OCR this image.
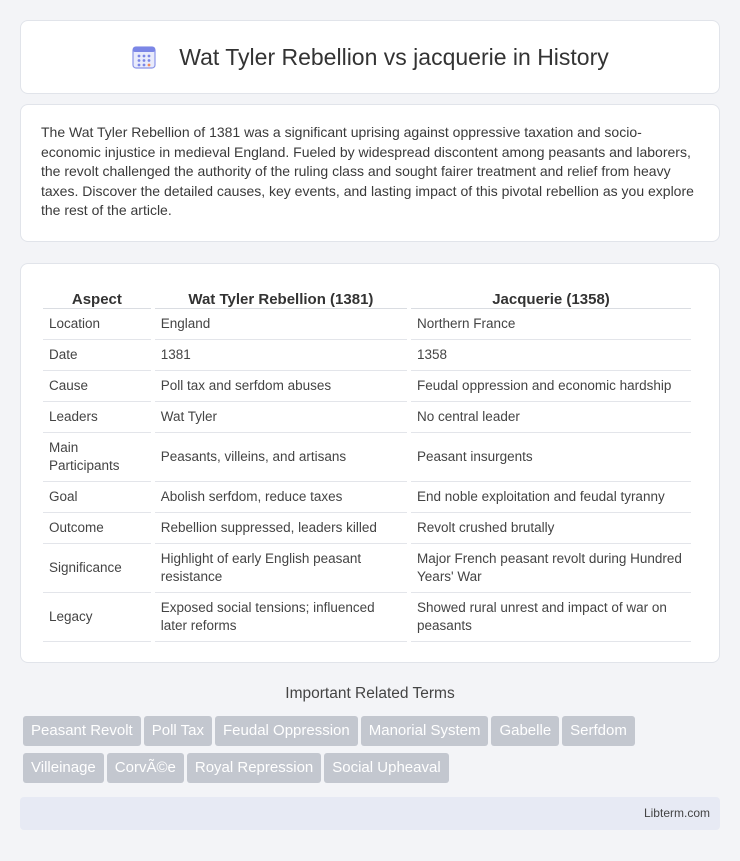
Wat Tyler Rebellion vs jacquerie in History

The Wat Tyler Rebellion of 1381 was a significant uprising against oppressive taxation and socio-economic injustice in medieval England. Fueled by widespread discontent among peasants and laborers, the revolt challenged the authority of the ruling class and sought fairer treatment and relief from heavy taxes. Discover the detailed causes, key events, and lasting impact of this pivotal rebellion as you explore the rest of the article.

Aspect	Wat Tyler Rebellion (1381)	Jacquerie (1358)
Location	England	Northern France
Date	1381	1358
Cause	Poll tax and serfdom abuses	Feudal oppression and economic hardship
Leaders	Wat Tyler	No central leader
Main Participants	Peasants, villeins, and artisans	Peasant insurgents
Goal	Abolish serfdom, reduce taxes	End noble exploitation and feudal tyranny
Outcome	Rebellion suppressed, leaders killed	Revolt crushed brutally
Significance	Highlight of early English peasant resistance	Major French peasant revolt during Hundred Years' War
Legacy	Exposed social tensions; influenced later reforms	Showed rural unrest and impact of war on peasants
Important Related Terms
Peasant Revolt Poll Tax Feudal Oppression Manorial System Gabelle SerfdomVilleinage CorvÃ©e Royal Repression Social Upheaval
Libterm.com
